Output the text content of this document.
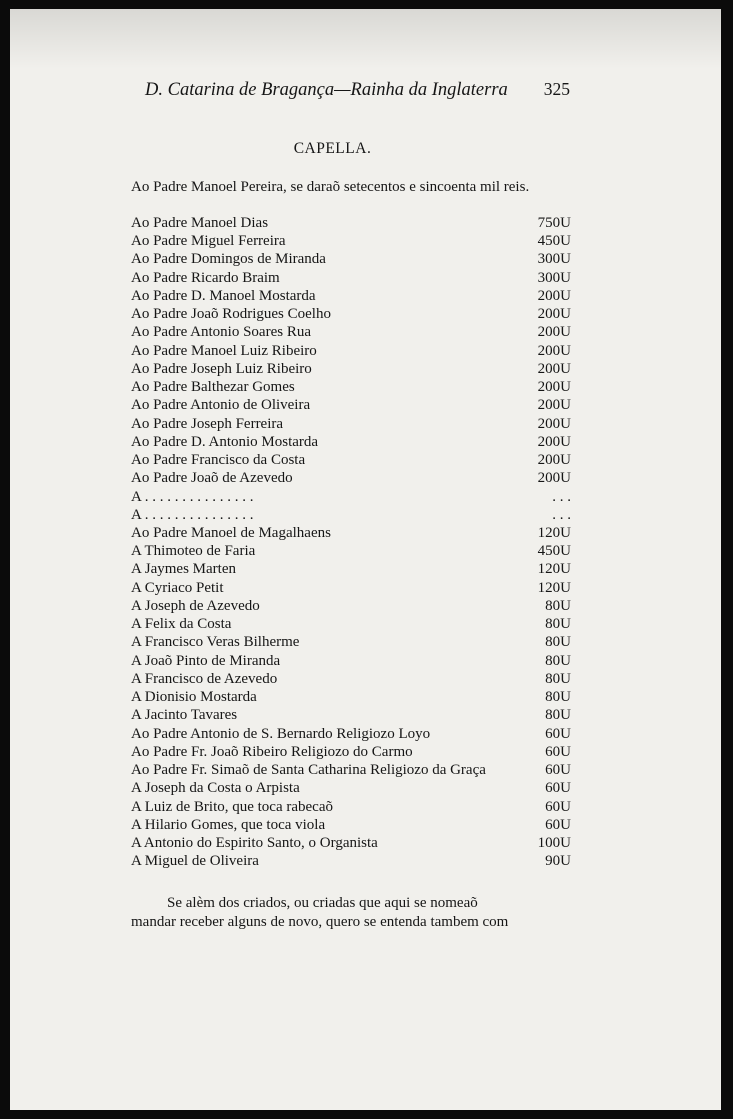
D. Catarina de Bragança—Rainha da Inglaterra 325
CAPELLA.
Ao Padre Manoel Pereira, se daraõ setecentos e sincoenta mil reis.
Ao Padre Manoel Dias	750U
Ao Padre Miguel Ferreira	450U
Ao Padre Domingos de Miranda	300U
Ao Padre Ricardo Braim	300U
Ao Padre D. Manoel Mostarda	200U
Ao Padre Joaõ Rodrigues Coelho	200U
Ao Padre Antonio Soares Rua	200U
Ao Padre Manoel Luiz Ribeiro	200U
Ao Padre Joseph Luiz Ribeiro	200U
Ao Padre Balthezar Gomes	200U
Ao Padre Antonio de Oliveira	200U
Ao Padre Joseph Ferreira	200U
Ao Padre D. Antonio Mostarda	200U
Ao Padre Francisco da Costa	200U
Ao Padre Joaõ de Azevedo	200U
A . . . . . . . . . . . . . . .	. . .
A . . . . . . . . . . . . . . .	. . .
Ao Padre Manoel de Magalhaens	120U
A Thimoteo de Faria	450U
A Jaymes Marten	120U
A Cyriaco Petit	120U
A Joseph de Azevedo	80U
A Felix da Costa	80U
A Francisco Veras Bilherme	80U
A Joaõ Pinto de Miranda	80U
A Francisco de Azevedo	80U
A Dionisio Mostarda	80U
A Jacinto Tavares	80U
Ao Padre Antonio de S. Bernardo Religiozo Loyo	60U
Ao Padre Fr. Joaõ Ribeiro Religiozo do Carmo	60U
Ao Padre Fr. Simaõ de Santa Catharina Religiozo da Graça	60U
A Joseph da Costa o Arpista	60U
A Luiz de Brito, que toca rabecaõ	60U
A Hilario Gomes, que toca viola	60U
A Antonio do Espirito Santo, o Organista	100U
A Miguel de Oliveira	90U
Se alèm dos criados, ou criadas que aqui se nomeaõ
mandar receber alguns de novo, quero se entenda tambem com
